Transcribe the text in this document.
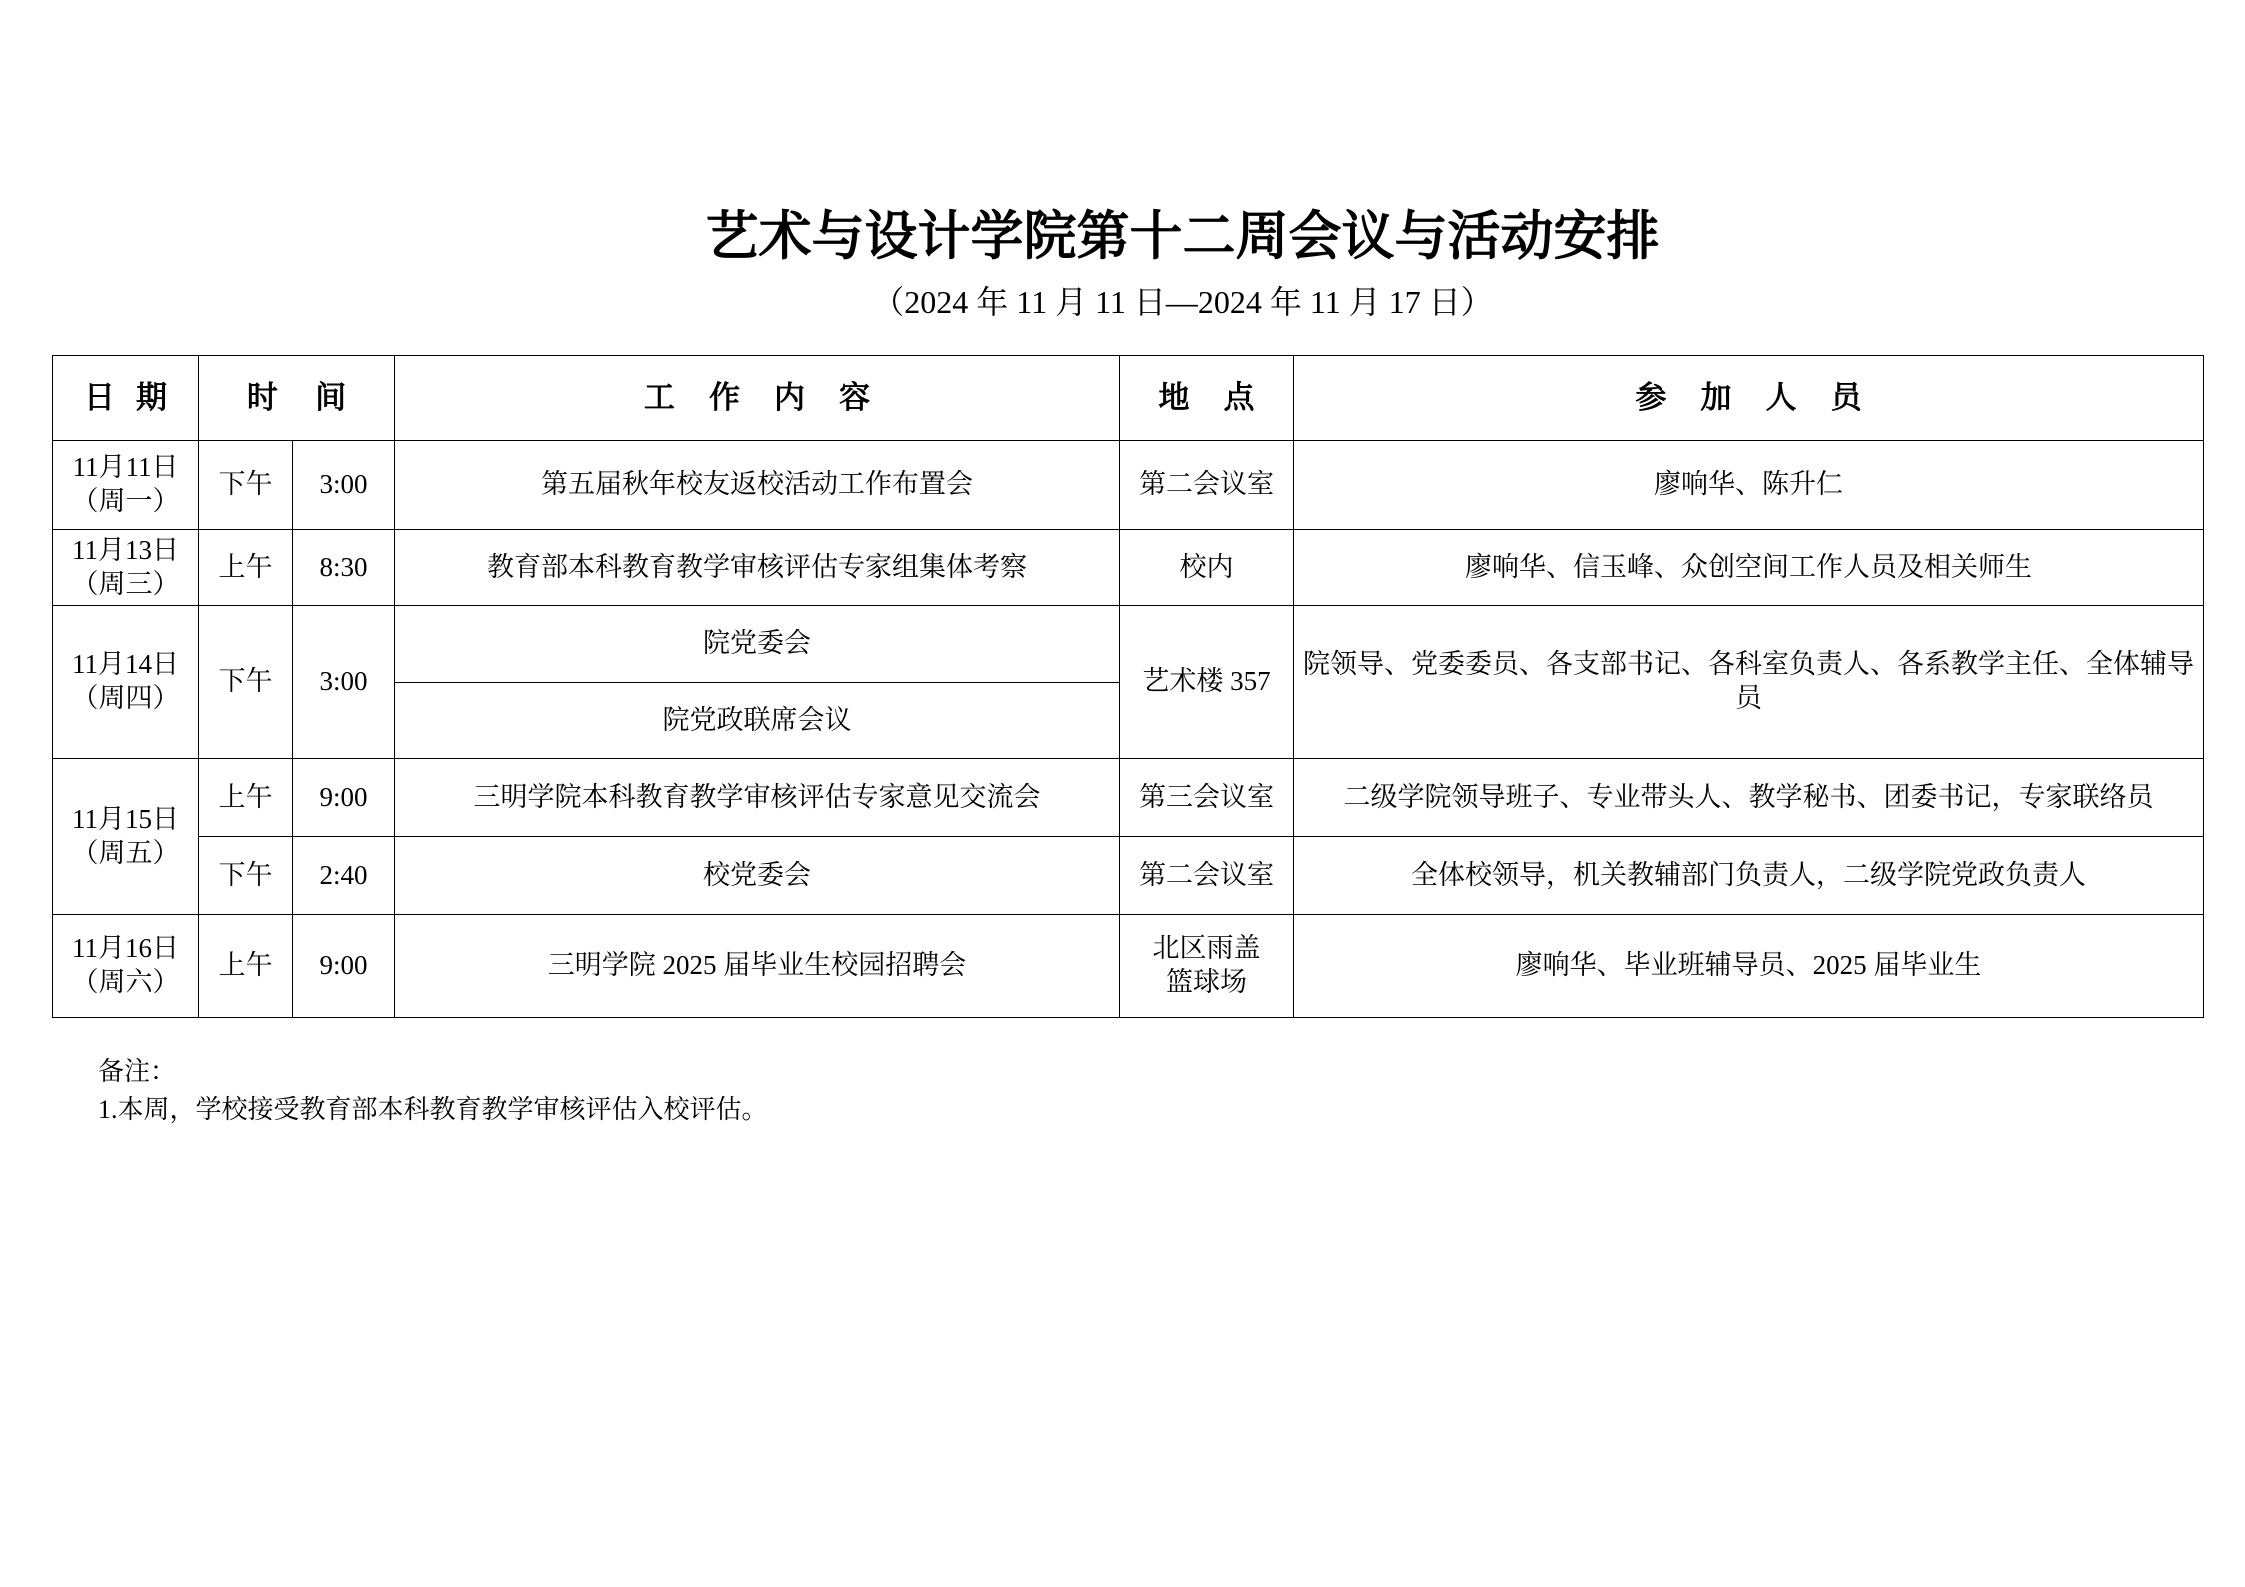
艺术与设计学院第十二周会议与活动安排
（2024 年 11 月 11 日—2024 年 11 月 17 日）
日期	时间		工作内容	地点	参加人员

11月11日
（周一）	下午	3:00	第五届秋年校友返校活动工作布置会	第二会议室	廖响华、陈升仁

11月13日
（周三）	上午	8:30	教育部本科教育教学审核评估专家组集体考察	校内	廖响华、信玉峰、众创空间工作人员及相关师生

11月14日
（周四）	下午	3:00	院党委会	艺术楼 357	院领导、党委委员、各支部书记、各科室负责人、各系教学主任、全体辅导员
			院党政联席会议		

11月15日
（周五）	上午	9:00	三明学院本科教育教学审核评估专家意见交流会	第三会议室	二级学院领导班子、专业带头人、教学秘书、团委书记，专家联络员
	下午	2:40	校党委会	第二会议室	全体校领导，机关教辅部门负责人，二级学院党政负责人

11月16日
（周六）	上午	9:00	三明学院 2025 届毕业生校园招聘会	北区雨盖
篮球场	廖响华、毕业班辅导员、2025 届毕业生
备注：
1.本周，学校接受教育部本科教育教学审核评估入校评估。
